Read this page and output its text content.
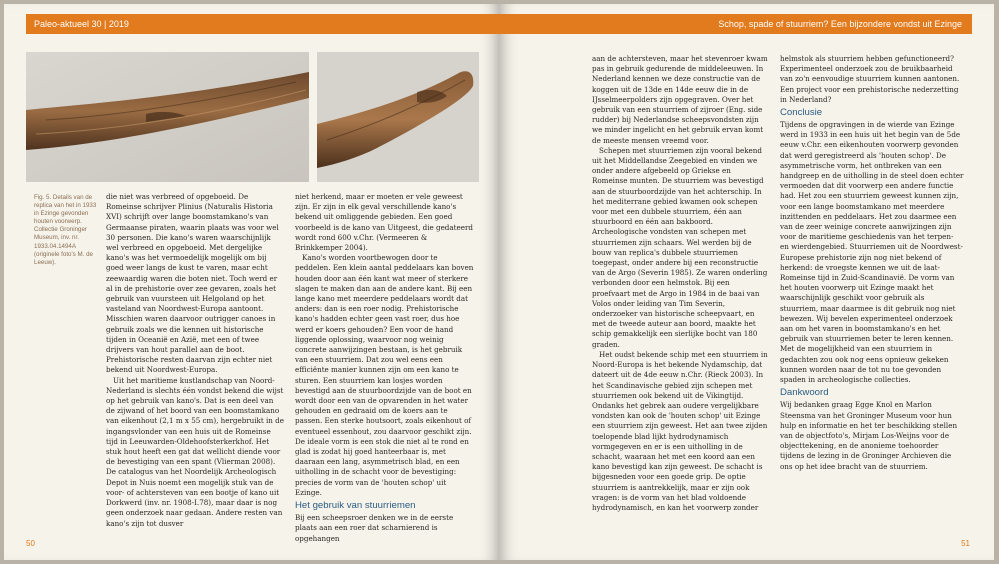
Paleo-aktueel 30 | 2019
Fig. 5. Details van de replica van het in 1933 in Ezinge gevonden houten voorwerp. Collectie Groninger Museum, inv. nr. 1933.04.1494A (originele foto's M. de Leeuw).

die niet was verbreed of opgeboeid. De Romeinse schrijver Plinius (Naturalis Historia XVI) schrijft over lange boomstamkano's van Germaanse piraten, waarin plaats was voor wel 30 personen. Die kano's waren waarschijnlijk wel verbreed en opgeboeid. Met dergelijke kano's was het vermoedelijk mogelijk om bij goed weer langs de kust te varen, maar echt zeewaardig waren die boten niet. Toch werd er al in de prehistorie over zee gevaren, zoals het gebruik van vuursteen uit Helgoland op het vasteland van Noordwest-Europa aantoont. Misschien waren daarvoor outrigger canoes in gebruik zoals we die kennen uit historische tijden in Oceanië en Azië, met een of twee drijvers van hout parallel aan de boot. Prehistorische resten daarvan zijn echter niet bekend uit Noordwest-Europa.

Uit het maritieme kustlandschap van Noord-Nederland is slechts één vondst bekend die wijst op het gebruik van kano's. Dat is een deel van de zijwand of het boord van een boomstamkano van eikenhout (2,1 m x 55 cm), hergebruikt in de ingangsvlonder van een huis uit de Romeinse tijd in Leeuwarden-Oldehoofsterkerkhof. Het stuk hout heeft een gat dat wellicht diende voor de bevestiging van een spant (Vlierman 2008). De catalogus van het Noordelijk Archeologisch Depot in Nuis noemt een mogelijk stuk van de voor- of achtersteven van een bootje of kano uit Dorkwerd (inv. nr. 1908-I.78), maar daar is nog geen onderzoek naar gedaan. Andere resten van kano's zijn tot dusver

niet herkend, maar er moeten er vele geweest zijn. Er zijn in elk geval verschillende kano's bekend uit omliggende gebieden. Een goed voorbeeld is de kano van Uitgeest, die gedateerd wordt rond 600 v.Chr. (Vermeeren & Brinkkemper 2004).

Kano's worden voortbewogen door te peddelen. Een klein aantal peddelaars kan boven houden door aan één kant wat meer of sterkere slagen te maken dan aan de andere kant. Bij een lange kano met meerdere peddelaars wordt dat anders: dan is een roer nodig. Prehistorische kano's hadden echter geen vast roer, dus hoe werd er koers gehouden? Een voor de hand liggende oplossing, waarvoor nog weinig concrete aanwijzingen bestaan, is het gebruik van een stuurriem. Dat zou wel eens een efficiënte manier kunnen zijn om een kano te sturen. Een stuurriem kan losjes worden bevestigd aan de stuurboordzijde van de boot en wordt door een van de opvarenden in het water gehouden en gedraaid om de koers aan te passen. Een sterke houtsoort, zoals eikenhout of eventueel essenhout, zou daarvoor geschikt zijn. De ideale vorm is een stok die niet al te rond en glad is zodat hij goed hanteerbaar is, met daaraan een lang, asymmetrisch blad, en een uitholling in de schacht voor de bevestiging: precies de vorm van de 'houten schop' uit Ezinge.

Het gebruik van stuurriemen

Bij een scheepsroer denken we in de eerste plaats aan een roer dat scharnierend is opgehangen

50
Schop, spade of stuurriem? Een bijzondere vondst uit Ezinge

aan de achtersteven, maar het stevenroer kwam pas in gebruik gedurende de middeleeuwen. In Nederland kennen we deze constructie van de koggen uit de 13de en 14de eeuw die in de IJsselmeerpolders zijn opgegraven. Over het gebruik van een stuurriem of zijroer (Eng. side rudder) bij Nederlandse scheepsvondsten zijn we minder ingelicht en het gebruik ervan komt de meeste mensen vreemd voor.

Schepen met stuurriemen zijn vooral bekend uit het Middellandse Zeegebied en vinden we onder andere afgebeeld op Griekse en Romeinse munten. De stuurriem was bevestigd aan de stuurboordzijde van het achterschip. In het mediterrane gebied kwamen ook schepen voor met een dubbele stuurriem, één aan stuurboord en één aan bakboord. Archeologische vondsten van schepen met stuurriemen zijn schaars. Wel werden bij de bouw van replica's dubbele stuurriemen toegepast, onder andere bij een reconstructie van de Argo (Severin 1985). Ze waren onderling verbonden door een helmstok. Bij een proefvaart met de Argo in 1984 in de baai van Volos onder leiding van Tim Severin, onderzoeker van historische scheepvaart, en met de tweede auteur aan boord, maakte het schip gemakkelijk een sierlijke bocht van 180 graden.

Het oudst bekende schip met een stuurriem in Noord-Europa is het bekende Nydamschip, dat dateert uit de 4de eeuw n.Chr. (Rieck 2003). In het Scandinavische gebied zijn schepen met stuurriemen ook bekend uit de Vikingtijd. Ondanks het gebrek aan oudere vergelijkbare vondsten kan ook de 'houten schop' uit Ezinge een stuurriem zijn geweest. Het aan twee zijden toelopende blad lijkt hydrodynamisch vormgegeven en er is een uitholling in de schacht, waaraan het met een koord aan een kano bevestigd kan zijn geweest. De schacht is bijgesneden voor een goede grip. De optie stuurriem is aantrekkelijk, maar er zijn ook vragen: is de vorm van het blad voldoende hydrodynamisch, en kan het voorwerp zonder

helmstok als stuurriem hebben gefunctioneerd? Experimenteel onderzoek zou de bruikbaarheid van zo'n eenvoudige stuurriem kunnen aantonen. Een project voor een prehistorische nederzetting in Nederland?

Conclusie

Tijdens de opgravingen in de wierde van Ezinge werd in 1933 in een huis uit het begin van de 5de eeuw v.Chr. een eikenhouten voorwerp gevonden dat werd geregistreerd als 'houten schop'. De asymmetrische vorm, het ontbreken van een handgreep en de uitholling in de steel doen echter vermoeden dat dit voorwerp een andere functie had. Het zou een stuurriem geweest kunnen zijn, voor een lange boomstamkano met meerdere inzittenden en peddelaars. Het zou daarmee een van de zeer weinige concrete aanwijzingen zijn voor de maritieme geschiedenis van het terpen- en wierdengebied. Stuurriemen uit de Noordwest-Europese prehistorie zijn nog niet bekend of herkend: de vroegste kennen we uit de laat-Romeinse tijd in Zuid-Scandinavië. De vorm van het houten voorwerp uit Ezinge maakt het waarschijnlijk geschikt voor gebruik als stuurriem, maar daarmee is dit gebruik nog niet bewezen. Wij bevelen experimenteel onderzoek aan om het varen in boomstamkano's en het gebruik van stuurriemen beter te leren kennen. Met de mogelijkheid van een stuurriem in gedachten zou ook nog eens opnieuw gekeken kunnen worden naar de tot nu toe gevonden spaden in archeologische collecties.

Dankwoord

Wij bedanken graag Egge Knol en Marlon Steensma van het Groninger Museum voor hun hulp en informatie en het ter beschikking stellen van de objectfoto's, Mirjam Los-Weijns voor de objecttekening, en de anonieme toehoorder tijdens de lezing in de Groninger Archieven die ons op het idee bracht van de stuurriem.

51
